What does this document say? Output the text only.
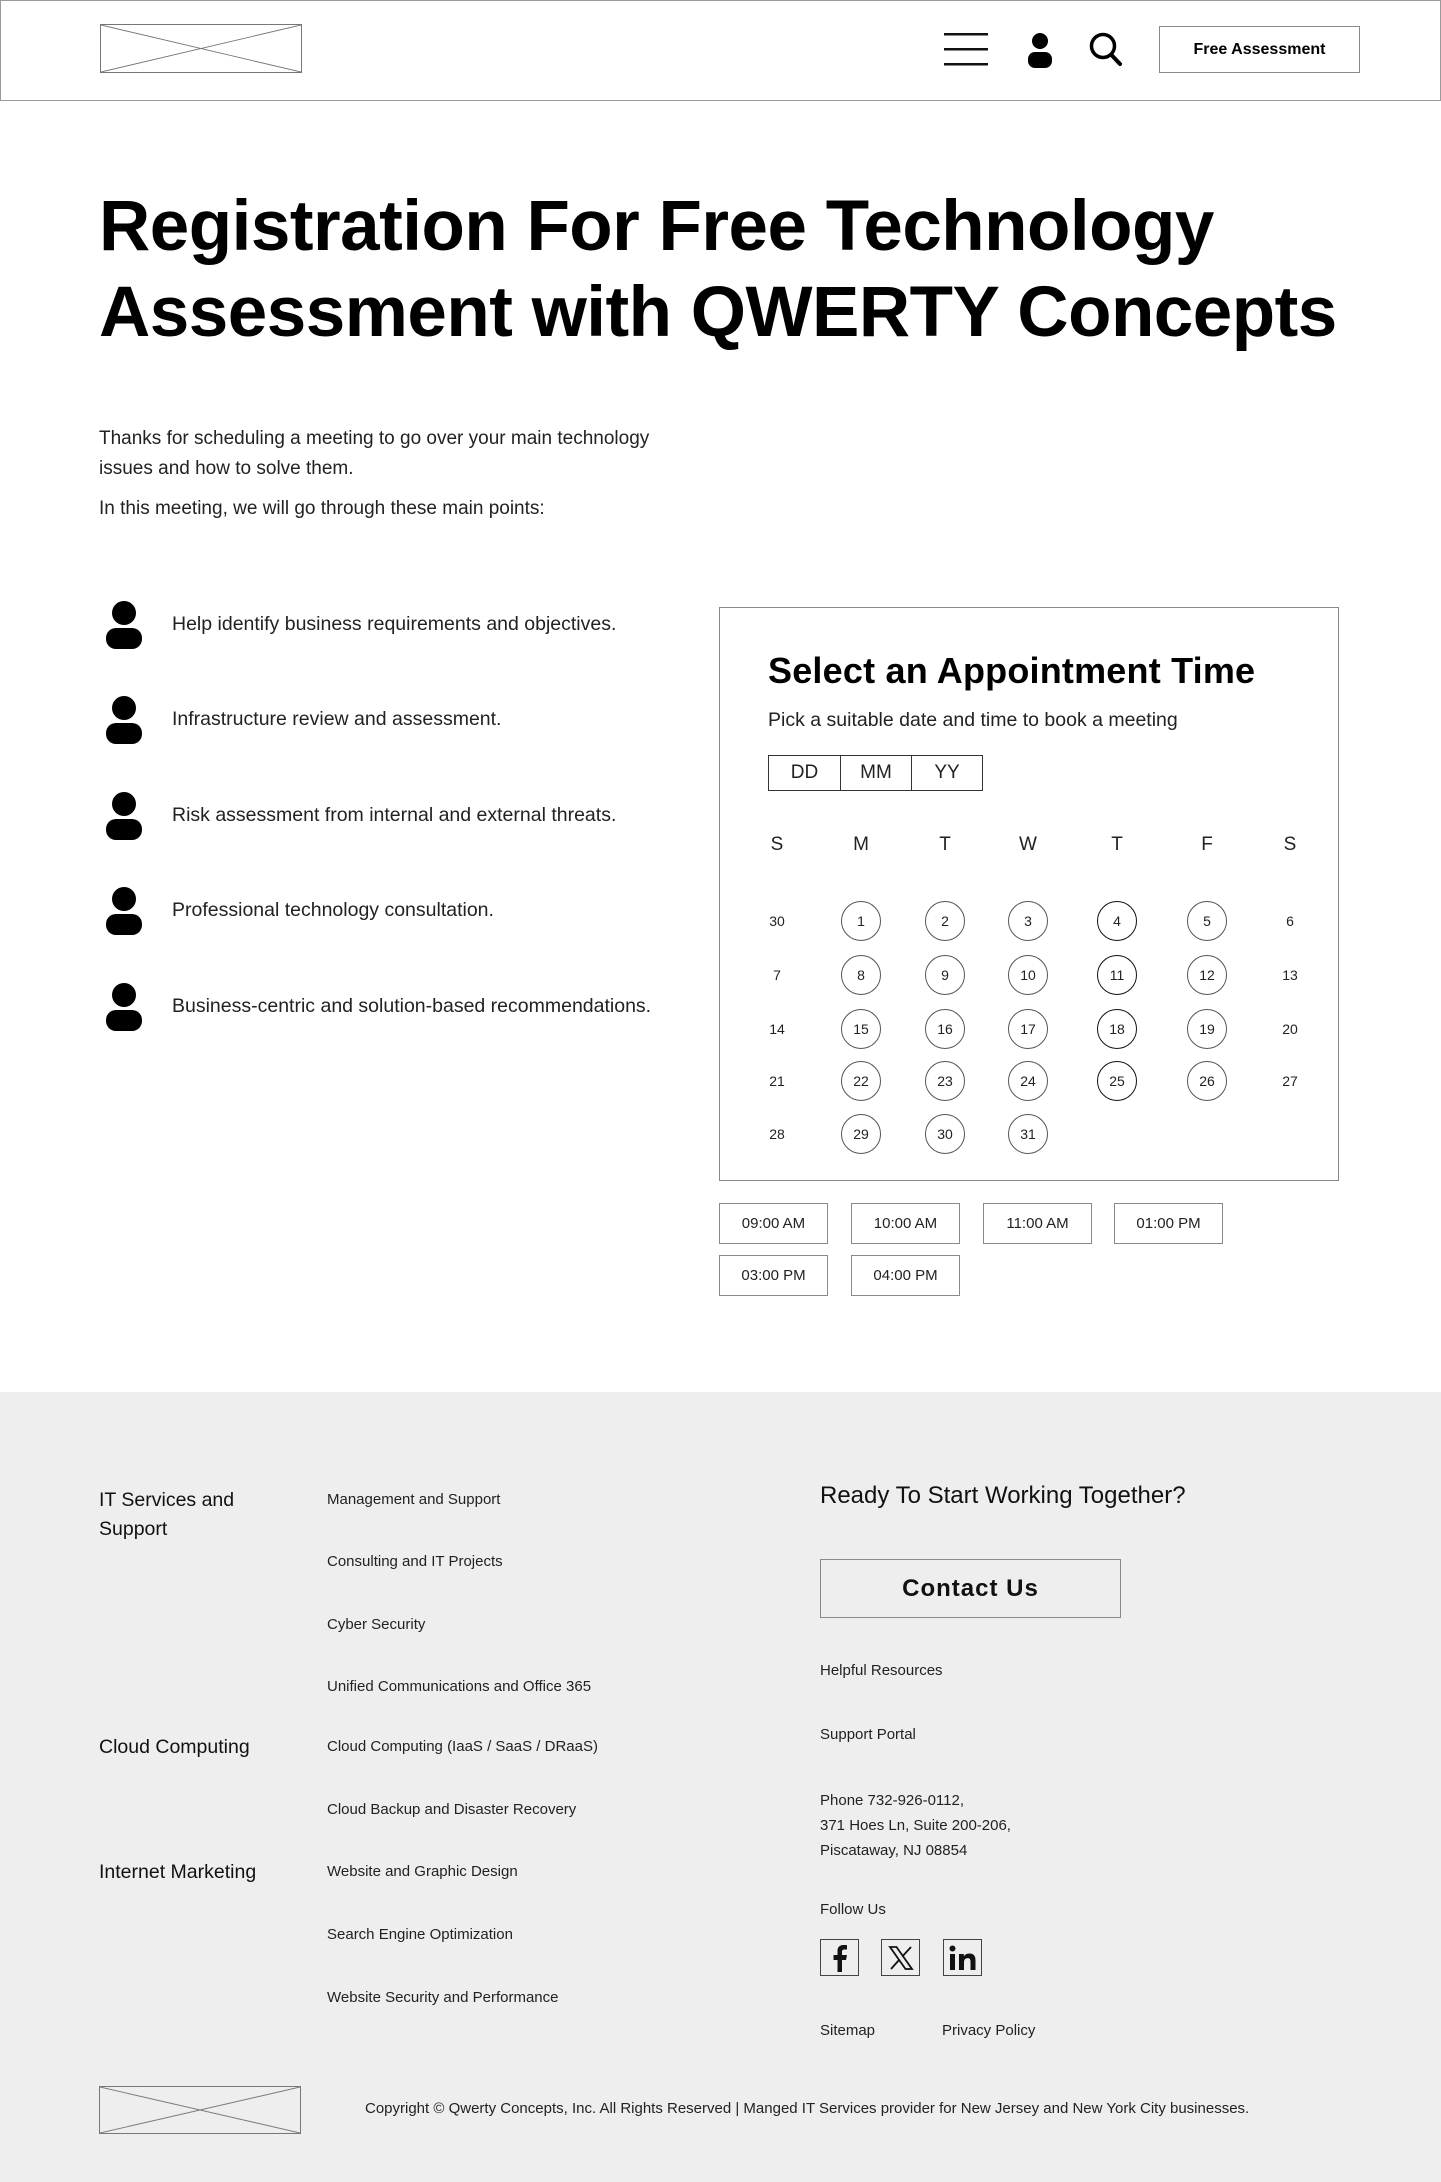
Free Assessment
Registration For Free Technology
Assessment with QWERTY Concepts
Thanks for scheduling a meeting to go over your main technology
issues and how to solve them.
In this meeting, we will go through these main points:
Help identify business requirements and objectives.
Infrastructure review and assessment.
Risk assessment from internal and external threats.
Professional technology consultation.
Business-centric and solution-based recommendations.
Select an Appointment Time
Pick a suitable date and time to book a meeting
DD	MM	YY
S	M	T	W	T	F	S
30	1	2	3	4	5	6
7	8	9	10	11	12	13
14	15	16	17	18	19	20
21	22	23	24	25	26	27
28	29	30	31
09:00 AM	10:00 AM	11:00 AM	01:00 PM
03:00 PM	04:00 PM
IT Services and Support
Cloud Computing
Internet Marketing
Management and Support
Consulting and IT Projects
Cyber Security
Unified Communications and Office 365
Cloud Computing (IaaS / SaaS / DRaaS)
Cloud Backup and Disaster Recovery
Website and Graphic Design
Search Engine Optimization
Website Security and Performance
Ready To Start Working Together?
Contact Us
Helpful Resources
Support Portal
Phone 732-926-0112,
371 Hoes Ln, Suite 200-206,
Piscataway, NJ 08854
Follow Us
Sitemap	Privacy Policy
Copyright © Qwerty Concepts, Inc. All Rights Reserved | Manged IT Services provider for New Jersey and New York City businesses.
